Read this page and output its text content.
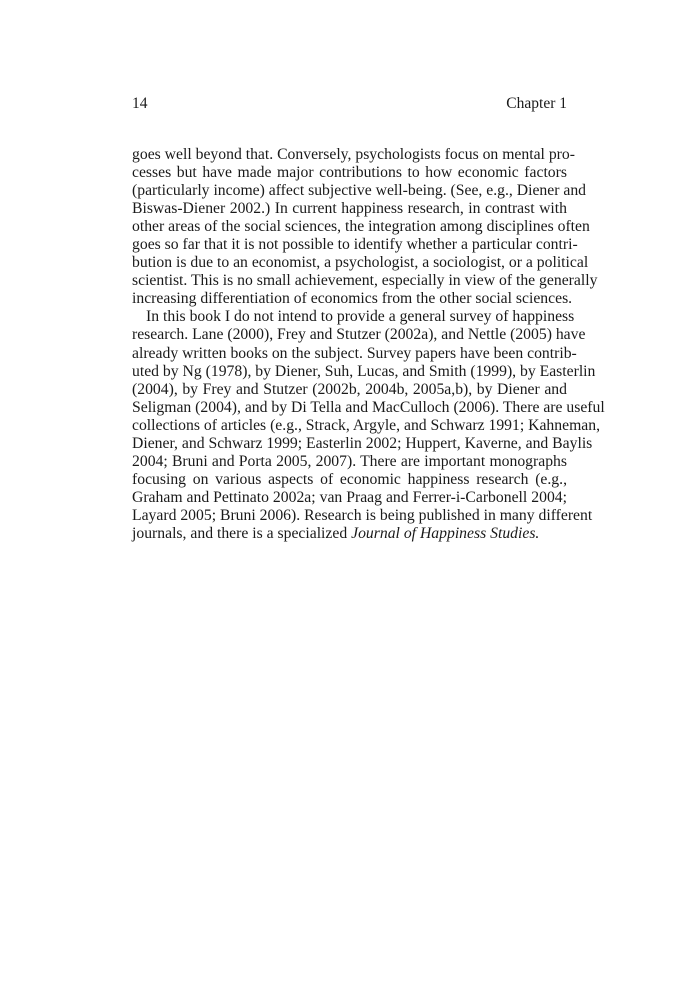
14	Chapter 1
goes well beyond that. Conversely, psychologists focus on mental pro-
cesses but have made major contributions to how economic factors
(particularly income) affect subjective well-being. (See, e.g., Diener and
Biswas-Diener 2002.) In current happiness research, in contrast with
other areas of the social sciences, the integration among disciplines often
goes so far that it is not possible to identify whether a particular contri-
bution is due to an economist, a psychologist, a sociologist, or a political
scientist. This is no small achievement, especially in view of the generally
increasing differentiation of economics from the other social sciences.
In this book I do not intend to provide a general survey of happiness
research. Lane (2000), Frey and Stutzer (2002a), and Nettle (2005) have
already written books on the subject. Survey papers have been contrib-
uted by Ng (1978), by Diener, Suh, Lucas, and Smith (1999), by Easterlin
(2004), by Frey and Stutzer (2002b, 2004b, 2005a,b), by Diener and
Seligman (2004), and by Di Tella and MacCulloch (2006). There are useful
collections of articles (e.g., Strack, Argyle, and Schwarz 1991; Kahneman,
Diener, and Schwarz 1999; Easterlin 2002; Huppert, Kaverne, and Baylis
2004; Bruni and Porta 2005, 2007). There are important monographs
focusing on various aspects of economic happiness research (e.g.,
Graham and Pettinato 2002a; van Praag and Ferrer-i-Carbonell 2004;
Layard 2005; Bruni 2006). Research is being published in many different
journals, and there is a specialized Journal of Happiness Studies.
